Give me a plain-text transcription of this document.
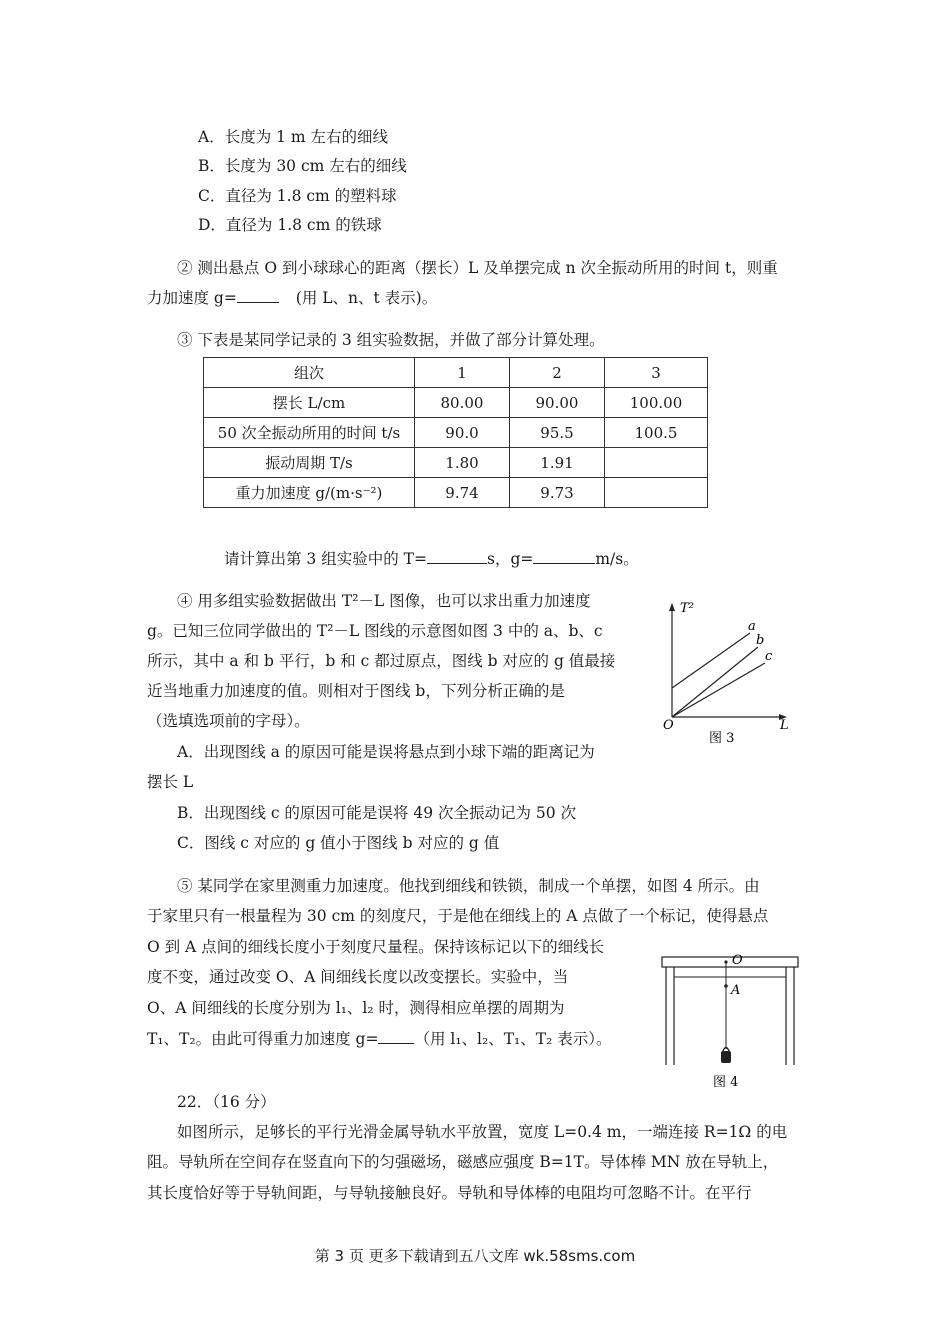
A．长度为 1 m 左右的细线
B．长度为 30 cm 左右的细线
C．直径为 1.8 cm 的塑料球
D．直径为 1.8 cm 的铁球
② 测出悬点 O 到小球球心的距离（摆长）L 及单摆完成 n 次全振动所用的时间 t，则重
力加速度 g=	(用 L、n、t 表示)。
③ 下表是某同学记录的 3 组实验数据，并做了部分计算处理。
组次	1	2	3
摆长 L/cm	80.00	90.00	100.00
50 次全振动所用的时间 t/s	90.0	95.5	100.5
振动周期 T/s	1.80	1.91	
重力加速度 g/(m·s⁻²)	9.74	9.73	
请计算出第 3 组实验中的 T=	s，g=	m/s。
④ 用多组实验数据做出 T²－L 图像，也可以求出重力加速度
g。已知三位同学做出的 T²－L 图线的示意图如图 3 中的 a、b、c
所示，其中 a 和 b 平行，b 和 c 都过原点，图线 b 对应的 g 值最接
近当地重力加速度的值。则相对于图线 b，下列分析正确的是
（选填选项前的字母）。
A．出现图线 a 的原因可能是误将悬点到小球下端的距离记为
摆长 L
B．出现图线 c 的原因可能是误将 49 次全振动记为 50 次
C．图线 c 对应的 g 值小于图线 b 对应的 g 值
T²
L
O
a
b
c
图 3
⑤ 某同学在家里测重力加速度。他找到细线和铁锁，制成一个单摆，如图 4 所示。由
于家里只有一根量程为 30 cm 的刻度尺，于是他在细线上的 A 点做了一个标记，使得悬点
O 到 A 点间的细线长度小于刻度尺量程。保持该标记以下的细线长
度不变，通过改变 O、A 间细线长度以改变摆长。实验中，当
O、A 间细线的长度分别为 l₁、l₂ 时，测得相应单摆的周期为
T₁、T₂。由此可得重力加速度 g= （用 l₁、l₂、T₁、T₂ 表示）。
O
A
图 4
22．（16 分）
如图所示，足够长的平行光滑金属导轨水平放置，宽度 L=0.4 m，一端连接 R=1Ω 的电
阻。导轨所在空间存在竖直向下的匀强磁场，磁感应强度 B=1T。导体棒 MN 放在导轨上，
其长度恰好等于导轨间距，与导轨接触良好。导轨和导体棒的电阻均可忽略不计。在平行
第 3 页 更多下载请到五八文库 wk.58sms.com
